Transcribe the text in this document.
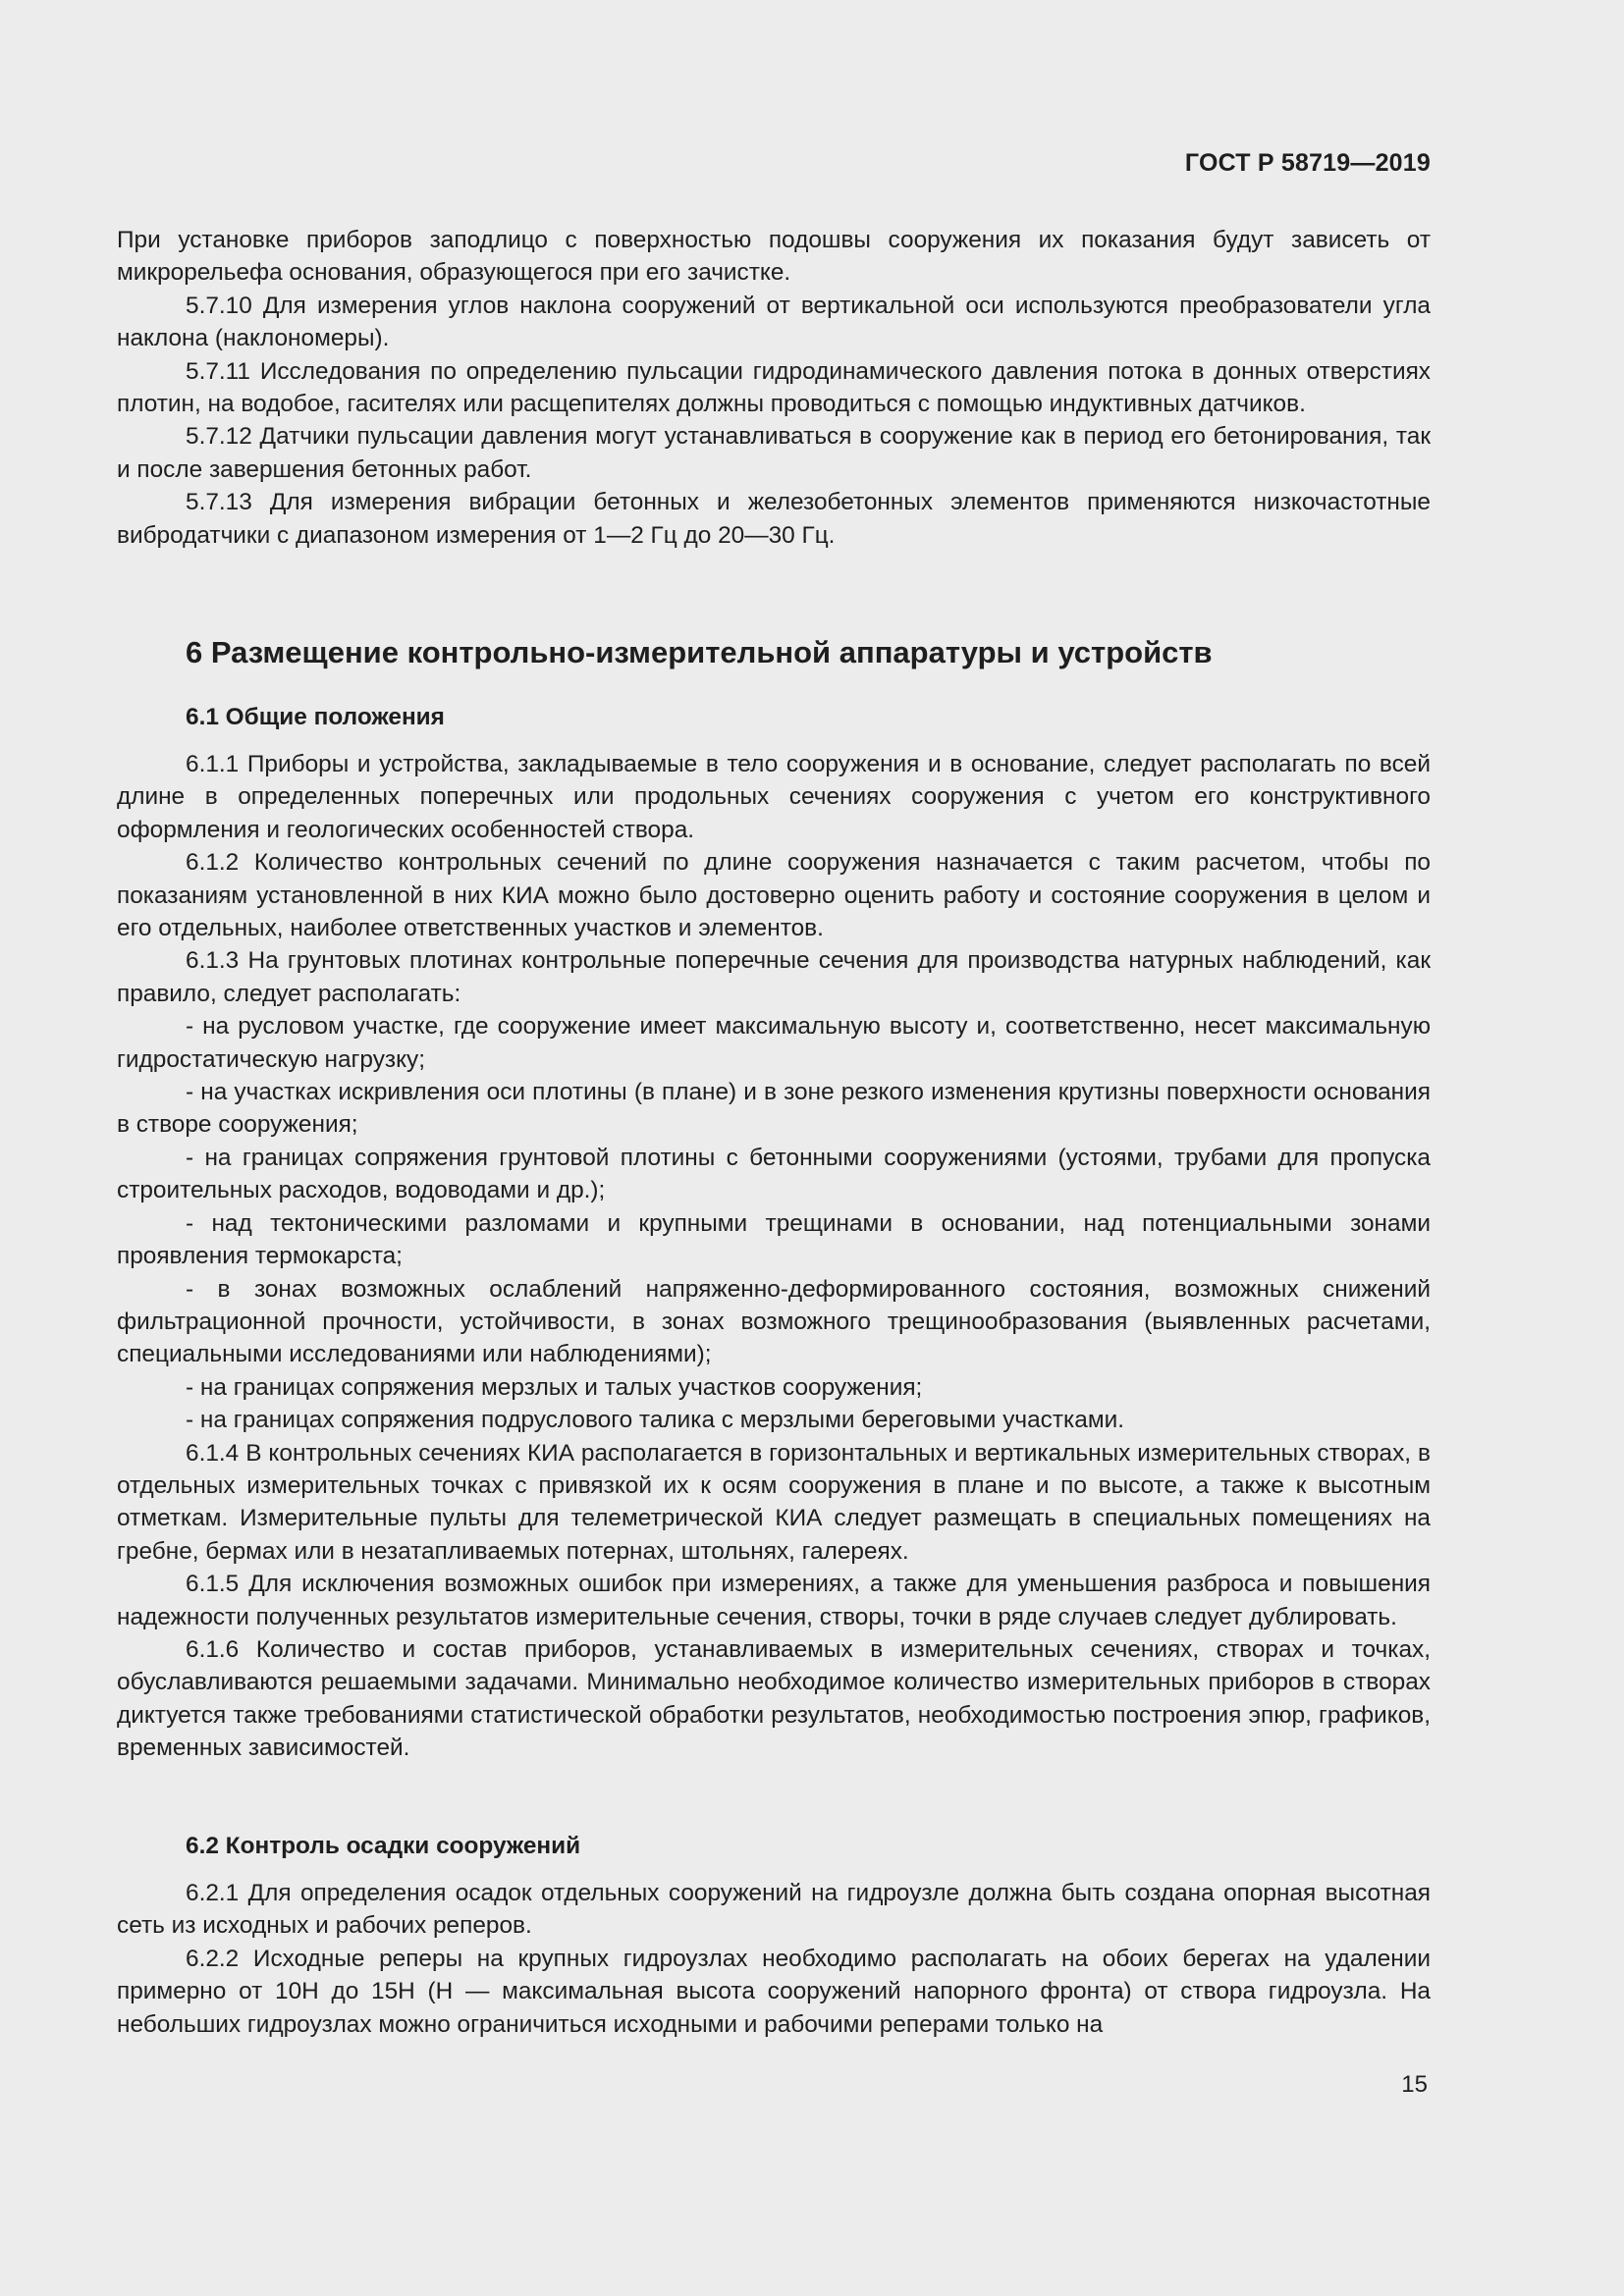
ГОСТ Р 58719—2019

При установке приборов заподлицо с поверхностью подошвы сооружения их показания будут зависеть от микрорельефа основания, образующегося при его зачистке.

5.7.10 Для измерения углов наклона сооружений от вертикальной оси используются преобразователи угла наклона (наклономеры).

5.7.11 Исследования по определению пульсации гидродинамического давления потока в донных отверстиях плотин, на водобое, гасителях или расщепителях должны проводиться с помощью индуктивных датчиков.

5.7.12 Датчики пульсации давления могут устанавливаться в сооружение как в период его бетонирования, так и после завершения бетонных работ.

5.7.13 Для измерения вибрации бетонных и железобетонных элементов применяются низкочастотные вибродатчики с диапазоном измерения от 1—2 Гц до 20—30 Гц.

6 Размещение контрольно-измерительной аппаратуры и устройств
6.1 Общие положения

6.1.1 Приборы и устройства, закладываемые в тело сооружения и в основание, следует располагать по всей длине в определенных поперечных или продольных сечениях сооружения с учетом его конструктивного оформления и геологических особенностей створа.

6.1.2 Количество контрольных сечений по длине сооружения назначается с таким расчетом, чтобы по показаниям установленной в них КИА можно было достоверно оценить работу и состояние сооружения в целом и его отдельных, наиболее ответственных участков и элементов.

6.1.3 На грунтовых плотинах контрольные поперечные сечения для производства натурных наблюдений, как правило, следует располагать:

- на русловом участке, где сооружение имеет максимальную высоту и, соответственно, несет максимальную гидростатическую нагрузку;

- на участках искривления оси плотины (в плане) и в зоне резкого изменения крутизны поверхности основания в створе сооружения;

- на границах сопряжения грунтовой плотины с бетонными сооружениями (устоями, трубами для пропуска строительных расходов, водоводами и др.);

- над тектоническими разломами и крупными трещинами в основании, над потенциальными зонами проявления термокарста;

- в зонах возможных ослаблений напряженно-деформированного состояния, возможных снижений фильтрационной прочности, устойчивости, в зонах возможного трещинообразования (выявленных расчетами, специальными исследованиями или наблюдениями);

- на границах сопряжения мерзлых и талых участков сооружения;

- на границах сопряжения подруслового талика с мерзлыми береговыми участками.

6.1.4 В контрольных сечениях КИА располагается в горизонтальных и вертикальных измерительных створах, в отдельных измерительных точках с привязкой их к осям сооружения в плане и по высоте, а также к высотным отметкам. Измерительные пульты для телеметрической КИА следует размещать в специальных помещениях на гребне, бермах или в незатапливаемых потернах, штольнях, галереях.

6.1.5 Для исключения возможных ошибок при измерениях, а также для уменьшения разброса и повышения надежности полученных результатов измерительные сечения, створы, точки в ряде случаев следует дублировать.

6.1.6 Количество и состав приборов, устанавливаемых в измерительных сечениях, створах и точках, обуславливаются решаемыми задачами. Минимально необходимое количество измерительных приборов в створах диктуется также требованиями статистической обработки результатов, необходимостью построения эпюр, графиков, временных зависимостей.

6.2 Контроль осадки сооружений

6.2.1 Для определения осадок отдельных сооружений на гидроузле должна быть создана опорная высотная сеть из исходных и рабочих реперов.

6.2.2 Исходные реперы на крупных гидроузлах необходимо располагать на обоих берегах на удалении примерно от 10Н до 15Н (Н — максимальная высота сооружений напорного фронта) от створа гидроузла. На небольших гидроузлах можно ограничиться исходными и рабочими реперами только на

15
